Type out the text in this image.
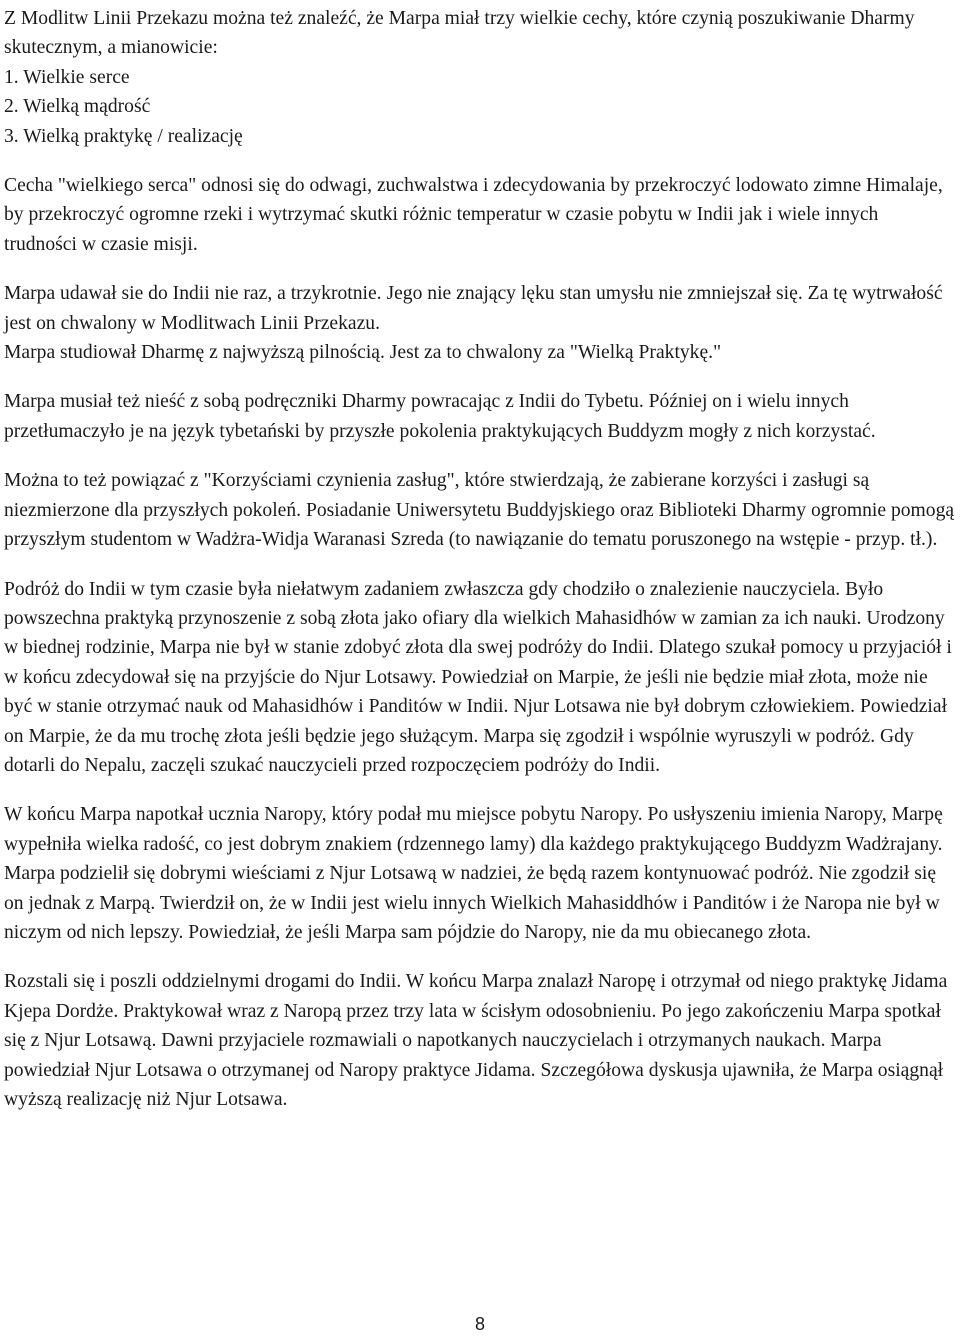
Z Modlitw Linii Przekazu można też znaleźć, że Marpa miał trzy wielkie cechy, które czynią poszukiwanie Dharmy skutecznym, a mianowicie:
1. Wielkie serce
2. Wielką mądrość
3. Wielką praktykę / realizację

Cecha "wielkiego serca" odnosi się do odwagi, zuchwalstwa i zdecydowania by przekroczyć lodowato zimne Himalaje, by przekroczyć ogromne rzeki i wytrzymać skutki różnic temperatur w czasie pobytu w Indii jak i wiele innych trudności w czasie misji.

Marpa udawał sie do Indii nie raz, a trzykrotnie. Jego nie znający lęku stan umysłu nie zmniejszał się. Za tę wytrwałość jest on chwalony w Modlitwach Linii Przekazu.

Marpa studiował Dharmę z najwyższą pilnością. Jest za to chwalony za "Wielką Praktykę."

Marpa musiał też nieść z sobą podręczniki Dharmy powracając z Indii do Tybetu. Później on i wielu innych przetłumaczyło je na język tybetański by przyszłe pokolenia praktykujących Buddyzm mogły z nich korzystać.

Można to też powiązać z "Korzyściami czynienia zasług", które stwierdzają, że zabierane korzyści i zasługi są niezmierzone dla przyszłych pokoleń. Posiadanie Uniwersytetu Buddyjskiego oraz Biblioteki Dharmy ogromnie pomogą przyszłym studentom w Wadżra-Widja Waranasi Szreda (to nawiązanie do tematu poruszonego na wstępie - przyp. tł.).

Podróż do Indii w tym czasie była niełatwym zadaniem zwłaszcza gdy chodziło o znalezienie nauczyciela. Było powszechna praktyką przynoszenie z sobą złota jako ofiary dla wielkich Mahasidhów w zamian za ich nauki. Urodzony w biednej rodzinie, Marpa nie był w stanie zdobyć złota dla swej podróży do Indii. Dlatego szukał pomocy u przyjaciół i w końcu zdecydował się na przyjście do Njur Lotsawy. Powiedział on Marpie, że jeśli nie będzie miał złota, może nie być w stanie otrzymać nauk od Mahasidhów i Panditów w Indii. Njur Lotsawa nie był dobrym człowiekiem. Powiedział on Marpie, że da mu trochę złota jeśli będzie jego służącym. Marpa się zgodził i wspólnie wyruszyli w podróż. Gdy dotarli do Nepalu, zaczęli szukać nauczycieli przed rozpoczęciem podróży do Indii.

W końcu Marpa napotkał ucznia Naropy, który podał mu miejsce pobytu Naropy. Po usłyszeniu imienia Naropy, Marpę wypełniła wielka radość, co jest dobrym znakiem (rdzennego lamy) dla każdego praktykującego Buddyzm Wadżrajany. Marpa podzielił się dobrymi wieściami z Njur Lotsawą w nadziei, że będą razem kontynuować podróż. Nie zgodził się on jednak z Marpą. Twierdził on, że w Indii jest wielu innych Wielkich Mahasiddhów i Panditów i że Naropa nie był w niczym od nich lepszy. Powiedział, że jeśli Marpa sam pójdzie do Naropy, nie da mu obiecanego złota.

Rozstali się i poszli oddzielnymi drogami do Indii. W końcu Marpa znalazł Naropę i otrzymał od niego praktykę Jidama Kjepa Dordże. Praktykował wraz z Naropą przez trzy lata w ścisłym odosobnieniu. Po jego zakończeniu Marpa spotkał się z Njur Lotsawą. Dawni przyjaciele rozmawiali o napotkanych nauczycielach i otrzymanych naukach. Marpa powiedział Njur Lotsawa o otrzymanej od Naropy praktyce Jidama. Szczegółowa dyskusja ujawniła, że Marpa osiągnął wyższą realizację niż Njur Lotsawa.

8
